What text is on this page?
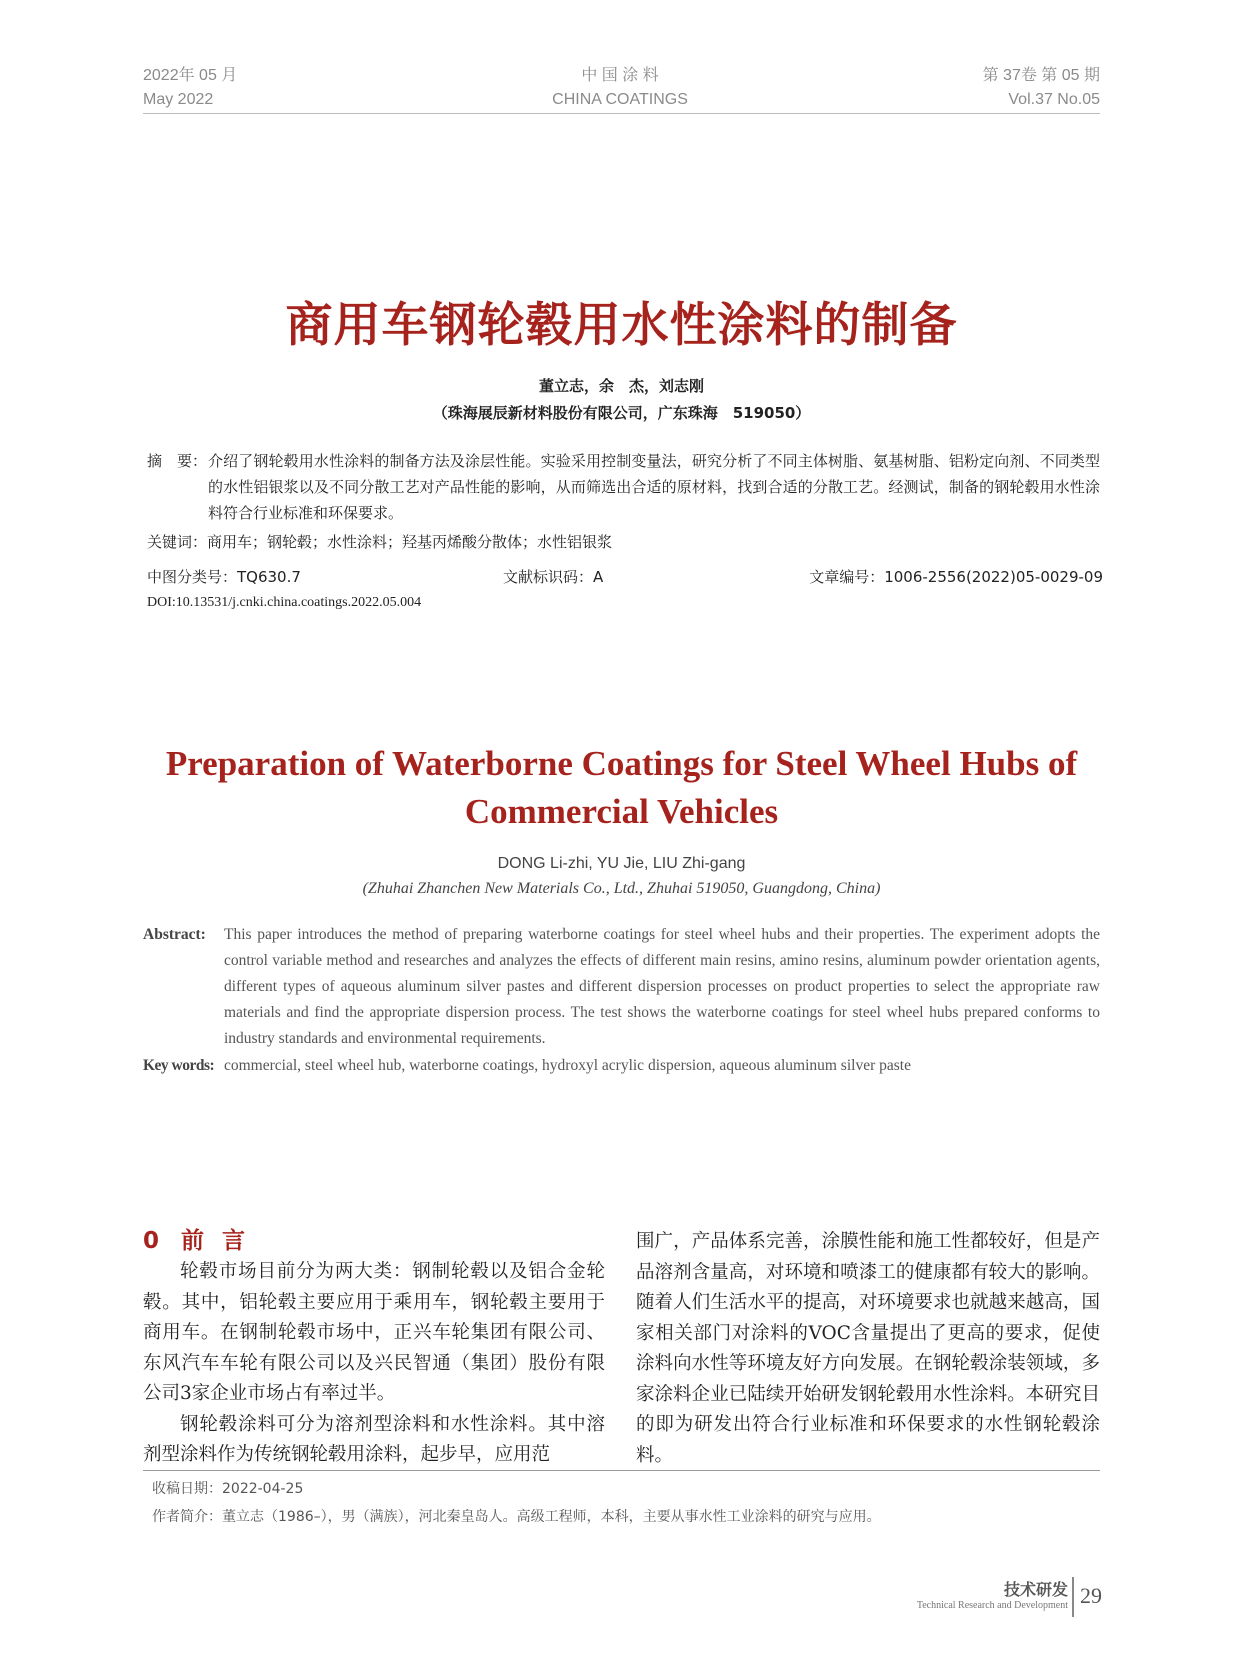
2022年 05 月
May 2022
中 国 涂 料
CHINA COATINGS
第 37卷 第 05 期
Vol.37 No.05
商用车钢轮毂用水性涂料的制备
董立志，余　杰，刘志刚
（珠海展辰新材料股份有限公司，广东珠海　519050）
摘　要： 介绍了钢轮毂用水性涂料的制备方法及涂层性能。实验采用控制变量法，研究分析了不同主体树脂、氨基树脂、铝粉定向剂、不同类型的水性铝银浆以及不同分散工艺对产品性能的影响，从而筛选出合适的原材料，找到合适的分散工艺。经测试，制备的钢轮毂用水性涂料符合行业标准和环保要求。
关键词：商用车；钢轮毂；水性涂料；羟基丙烯酸分散体；水性铝银浆
中图分类号：TQ630.7	文献标识码：A	文章编号：1006-2556(2022)05-0029-09
DOI:10.13531/j.cnki.china.coatings.2022.05.004
Preparation of Waterborne Coatings for Steel Wheel Hubs of
Commercial Vehicles
DONG Li-zhi, YU Jie, LIU Zhi-gang
(Zhuhai Zhanchen New Materials Co., Ltd., Zhuhai 519050, Guangdong, China)
Abstract: This paper introduces the method of preparing waterborne coatings for steel wheel hubs and their properties. The experiment adopts the control variable method and researches and analyzes the effects of different main resins, amino resins, aluminum powder orientation agents, different types of aqueous aluminum silver pastes and different dispersion processes on product properties to select the appropriate raw materials and find the appropriate dispersion process. The test shows the waterborne coatings for steel wheel hubs prepared conforms to industry standards and environmental requirements.
Key words: commercial, steel wheel hub, waterborne coatings, hydroxyl acrylic dispersion, aqueous aluminum silver paste
0 前言

轮毂市场目前分为两大类：钢制轮毂以及铝合金轮毂。其中，铝轮毂主要应用于乘用车，钢轮毂主要用于商用车。在钢制轮毂市场中，正兴车轮集团有限公司、东风汽车车轮有限公司以及兴民智通（集团）股份有限公司3家企业市场占有率过半。

钢轮毂涂料可分为溶剂型涂料和水性涂料。其中溶剂型涂料作为传统钢轮毂用涂料，起步早，应用范

围广，产品体系完善，涂膜性能和施工性都较好，但是产品溶剂含量高，对环境和喷漆工的健康都有较大的影响。随着人们生活水平的提高，对环境要求也就越来越高，国家相关部门对涂料的VOC含量提出了更高的要求，促使涂料向水性等环境友好方向发展。在钢轮毂涂装领域，多家涂料企业已陆续开始研发钢轮毂用水性涂料。本研究目的即为研发出符合行业标准和环保要求的水性钢轮毂涂料。

收稿日期：2022-04-25
作者简介：董立志（1986–），男（满族），河北秦皇岛人。高级工程师，本科，主要从事水性工业涂料的研究与应用。
技术研发
Technical Research and Development 29
